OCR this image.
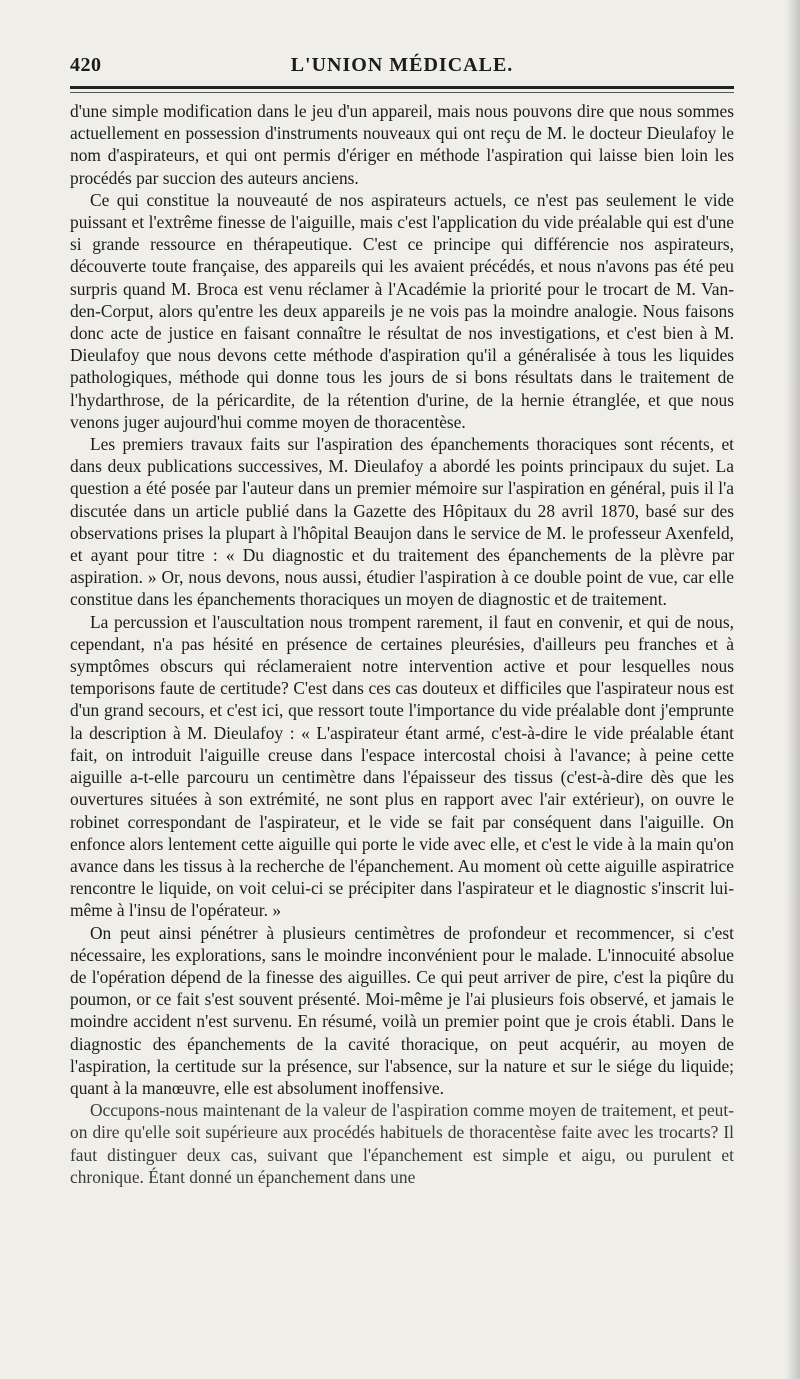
420	L'UNION MÉDICALE.

d'une simple modification dans le jeu d'un appareil, mais nous pouvons dire que nous sommes actuellement en possession d'instruments nouveaux qui ont reçu de M. le docteur Dieulafoy le nom d'aspirateurs, et qui ont permis d'ériger en méthode l'aspiration qui laisse bien loin les procédés par succion des auteurs anciens.

Ce qui constitue la nouveauté de nos aspirateurs actuels, ce n'est pas seulement le vide puissant et l'extrême finesse de l'aiguille, mais c'est l'application du vide préalable qui est d'une si grande ressource en thérapeutique. C'est ce principe qui différencie nos aspirateurs, découverte toute française, des appareils qui les avaient précédés, et nous n'avons pas été peu surpris quand M. Broca est venu réclamer à l'Académie la priorité pour le trocart de M. Van-den-Corput, alors qu'entre les deux appareils je ne vois pas la moindre analogie. Nous faisons donc acte de justice en faisant connaître le résultat de nos investigations, et c'est bien à M. Dieulafoy que nous devons cette méthode d'aspiration qu'il a généralisée à tous les liquides pathologiques, méthode qui donne tous les jours de si bons résultats dans le traitement de l'hydarthrose, de la péricardite, de la rétention d'urine, de la hernie étranglée, et que nous venons juger aujourd'hui comme moyen de thoracentèse.

Les premiers travaux faits sur l'aspiration des épanchements thoraciques sont récents, et dans deux publications successives, M. Dieulafoy a abordé les points principaux du sujet. La question a été posée par l'auteur dans un premier mémoire sur l'aspiration en général, puis il l'a discutée dans un article publié dans la Gazette des Hôpitaux du 28 avril 1870, basé sur des observations prises la plupart à l'hôpital Beaujon dans le service de M. le professeur Axenfeld, et ayant pour titre : « Du diagnostic et du traitement des épanchements de la plèvre par aspiration. » Or, nous devons, nous aussi, étudier l'aspiration à ce double point de vue, car elle constitue dans les épanchements thoraciques un moyen de diagnostic et de traitement.

La percussion et l'auscultation nous trompent rarement, il faut en convenir, et qui de nous, cependant, n'a pas hésité en présence de certaines pleurésies, d'ailleurs peu franches et à symptômes obscurs qui réclameraient notre intervention active et pour lesquelles nous temporisons faute de certitude? C'est dans ces cas douteux et difficiles que l'aspirateur nous est d'un grand secours, et c'est ici, que ressort toute l'importance du vide préalable dont j'emprunte la description à M. Dieulafoy : « L'aspirateur étant armé, c'est-à-dire le vide préalable étant fait, on introduit l'aiguille creuse dans l'espace intercostal choisi à l'avance; à peine cette aiguille a-t-elle parcouru un centimètre dans l'épaisseur des tissus (c'est-à-dire dès que les ouvertures situées à son extrémité, ne sont plus en rapport avec l'air extérieur), on ouvre le robinet correspondant de l'aspirateur, et le vide se fait par conséquent dans l'aiguille. On enfonce alors lentement cette aiguille qui porte le vide avec elle, et c'est le vide à la main qu'on avance dans les tissus à la recherche de l'épanchement. Au moment où cette aiguille aspiratrice rencontre le liquide, on voit celui-ci se précipiter dans l'aspirateur et le diagnostic s'inscrit lui-même à l'insu de l'opérateur. »

On peut ainsi pénétrer à plusieurs centimètres de profondeur et recommencer, si c'est nécessaire, les explorations, sans le moindre inconvénient pour le malade. L'innocuité absolue de l'opération dépend de la finesse des aiguilles. Ce qui peut arriver de pire, c'est la piqûre du poumon, or ce fait s'est souvent présenté. Moi-même je l'ai plusieurs fois observé, et jamais le moindre accident n'est survenu. En résumé, voilà un premier point que je crois établi. Dans le diagnostic des épanchements de la cavité thoracique, on peut acquérir, au moyen de l'aspiration, la certitude sur la présence, sur l'absence, sur la nature et sur le siége du liquide; quant à la manœuvre, elle est absolument inoffensive.

Occupons-nous maintenant de la valeur de l'aspiration comme moyen de traitement, et peut-on dire qu'elle soit supérieure aux procédés habituels de thoracentèse faite avec les trocarts? Il faut distinguer deux cas, suivant que l'épanchement est simple et aigu, ou purulent et chronique. Étant donné un épanchement dans une
